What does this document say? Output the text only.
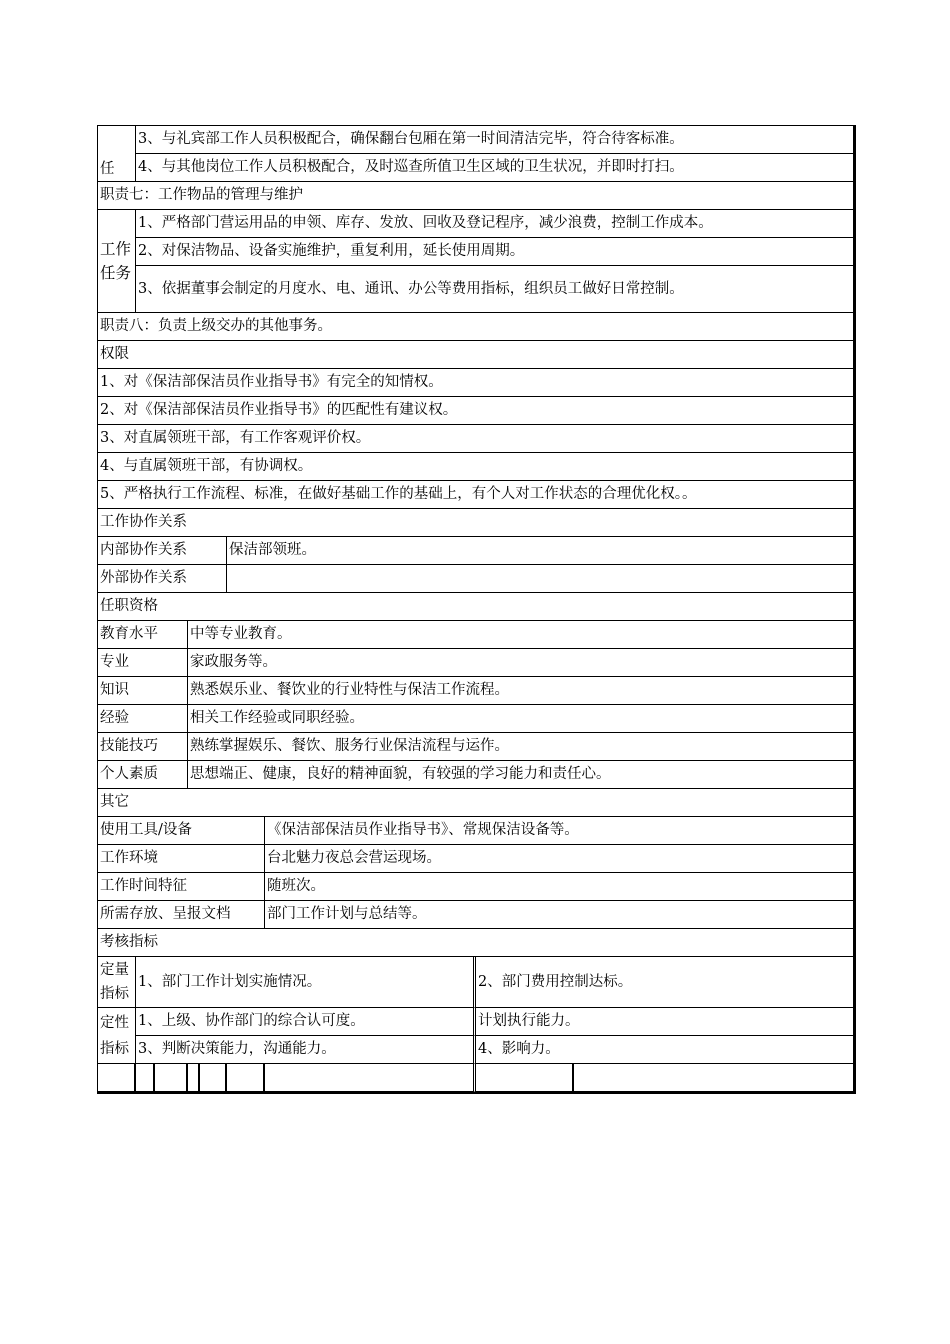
任	3、与礼宾部工作人员积极配合，确保翻台包厢在第一时间清洁完毕，符合待客标准。							
	4、与其他岗位工作人员积极配合，及时巡查所值卫生区域的卫生状况，并即时打扫。							
职责七：工作物品的管理与维护								
工作任务	1、严格部门营运用品的申领、库存、发放、回收及登记程序，减少浪费，控制工作成本。							
	2、对保洁物品、设备实施维护，重复利用，延长使用周期。							
	3、依据董事会制定的月度水、电、通讯、办公等费用指标，组织员工做好日常控制。							
职责八：负责上级交办的其他事务。								
权限								
1、对《保洁部保洁员作业指导书》有完全的知情权。								
2、对《保洁部保洁员作业指导书》的匹配性有建议权。								
3、对直属领班干部，有工作客观评价权。								
4、与直属领班干部，有协调权。								
5、严格执行工作流程、标准，在做好基础工作的基础上，有个人对工作状态的合理优化权。。								
工作协作关系								
内部协作关系					保洁部领班。			
外部协作关系								
任职资格								
教育水平			中等专业教育。					
专业			家政服务等。					
知识			熟悉娱乐业、餐饮业的行业特性与保洁工作流程。					
经验			相关工作经验或同职经验。					
技能技巧			熟练掌握娱乐、餐饮、服务行业保洁流程与运作。					
个人素质			思想端正、健康，良好的精神面貌，有较强的学习能力和责任心。					
其它								
使用工具/设备						《保洁部保洁员作业指导书》、常规保洁设备等。		
工作环境						台北魅力夜总会营运现场。		
工作时间特征						随班次。		
所需存放、呈报文档						部门工作计划与总结等。		
考核指标								
定量指标	1、部门工作计划实施情况。						2、部门费用控制达标。	
定性指标	1、上级、协作部门的综合认可度。						计划执行能力。	
	3、判断决策能力，沟通能力。						4、影响力。	
